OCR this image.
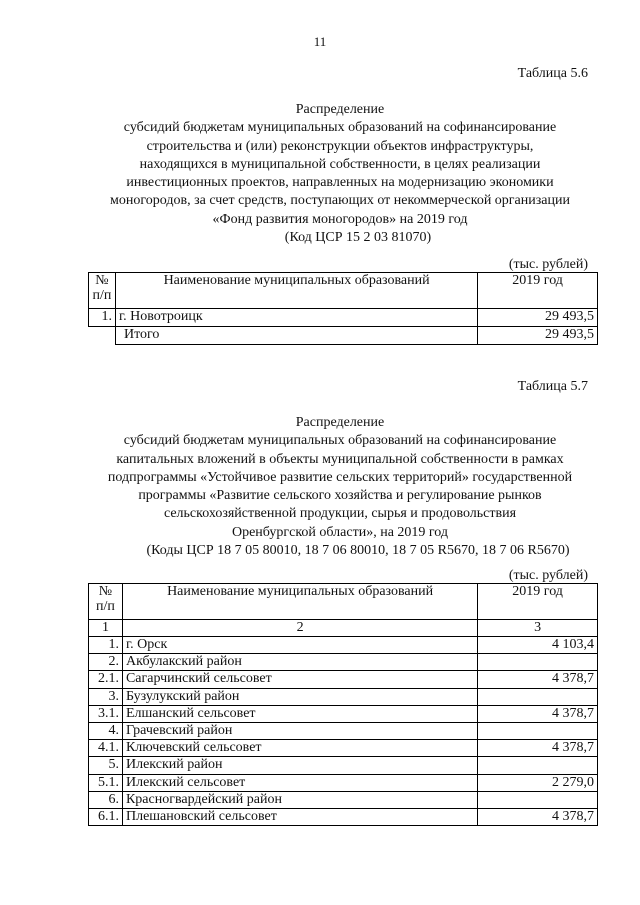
11
Таблица 5.6
Распределение
субсидий бюджетам муниципальных образований на софинансирование
строительства и (или) реконструкции объектов инфраструктуры,
находящихся в муниципальной собственности, в целях реализации
инвестиционных проектов, направленных на модернизацию экономики
моногородов, за счет средств, поступающих от некоммерческой организации
«Фонд развития моногородов» на 2019 год
(Код ЦСР 15 2 03 81070)
(тыс. рублей)
№ п/п	Наименование муниципальных образований	2019 год
1.	г. Новотроицк	29 493,5
	Итого	29 493,5
Таблица 5.7
Распределение
субсидий бюджетам муниципальных образований на софинансирование
капитальных вложений в объекты муниципальной собственности в рамках
подпрограммы «Устойчивое развитие сельских территорий» государственной
программы «Развитие сельского хозяйства и регулирование рынков
сельскохозяйственной продукции, сырья и продовольствия
Оренбургской области», на 2019 год
(Коды ЦСР 18 7 05 80010, 18 7 06 80010, 18 7 05 R5670, 18 7 06 R5670)
(тыс. рублей)
№ п/п	Наименование муниципальных образований	2019 год
1	2	3
1.	г. Орск	4 103,4
2.	Акбулакский район	
2.1.	Сагарчинский сельсовет	4 378,7
3.	Бузулукский район	
3.1.	Елшанский сельсовет	4 378,7
4.	Грачевский район	
4.1.	Ключевский сельсовет	4 378,7
5.	Илекский район	
5.1.	Илекский сельсовет	2 279,0
6.	Красногвардейский район	
6.1.	Плешановский сельсовет	4 378,7
